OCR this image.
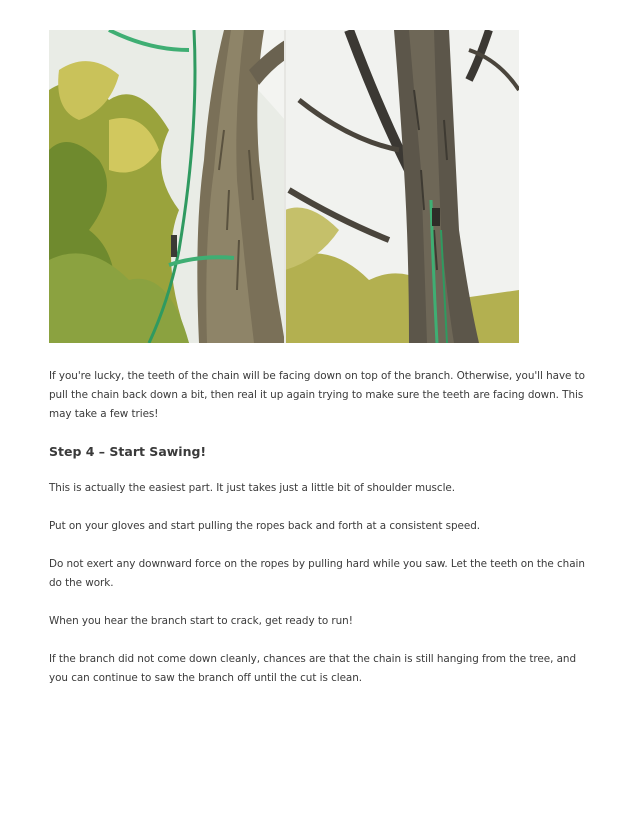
If you're lucky, the teeth of the chain will be facing down on top of the branch. Otherwise, you'll have to pull the chain back down a bit, then real it up again trying to make sure the teeth are facing down. This may take a few tries!

Step 4 – Start Sawing!

This is actually the easiest part. It just takes just a little bit of shoulder muscle.

Put on your gloves and start pulling the ropes back and forth at a consistent speed.

Do not exert any downward force on the ropes by pulling hard while you saw. Let the teeth on the chain do the work.

When you hear the branch start to crack, get ready to run!

If the branch did not come down cleanly, chances are that the chain is still hanging from the tree, and you can continue to saw the branch off until the cut is clean.
